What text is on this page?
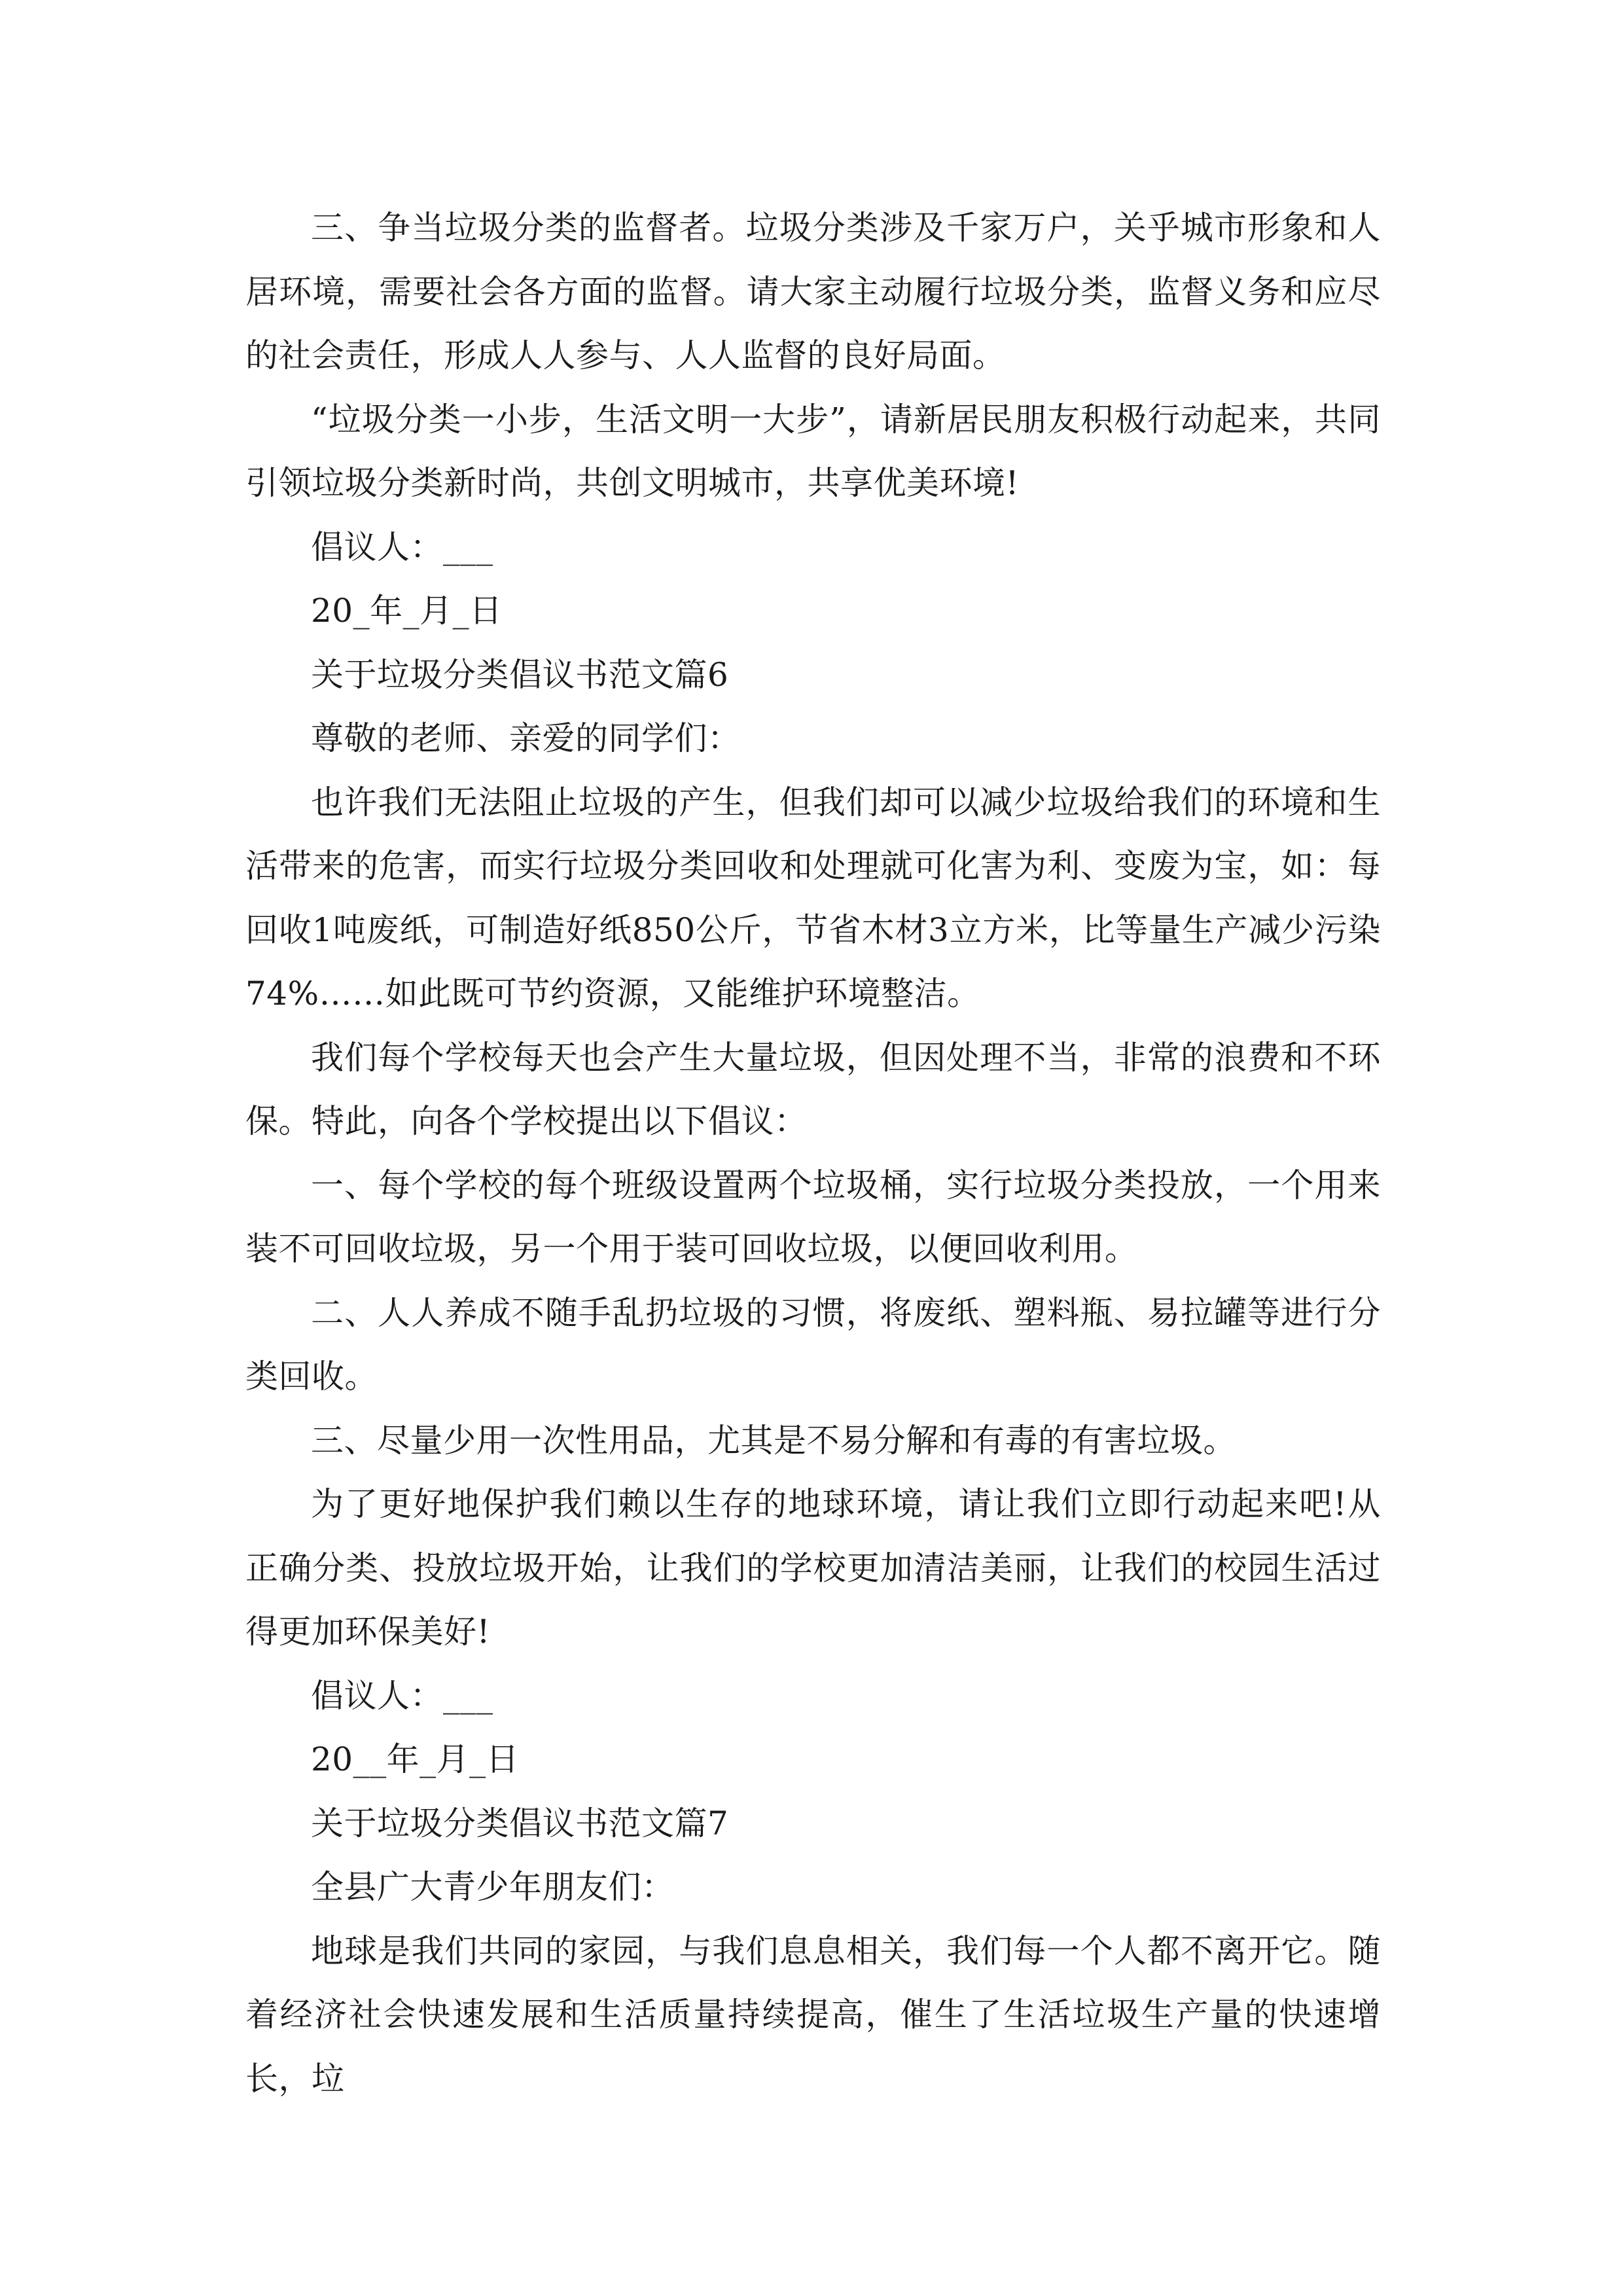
三、争当垃圾分类的监督者。垃圾分类涉及千家万户，关乎城市形象和人居环境，需要社会各方面的监督。请大家主动履行垃圾分类，监督义务和应尽的社会责任，形成人人参与、人人监督的良好局面。

“垃圾分类一小步，生活文明一大步”，请新居民朋友积极行动起来，共同引领垃圾分类新时尚，共创文明城市，共享优美环境!

倡议人：___

20_年_月_日

关于垃圾分类倡议书范文篇6

尊敬的老师、亲爱的同学们：

也许我们无法阻止垃圾的产生，但我们却可以减少垃圾给我们的环境和生活带来的危害，而实行垃圾分类回收和处理就可化害为利、变废为宝，如：每回收1吨废纸，可制造好纸850公斤，节省木材3立方米，比等量生产减少污染74%……如此既可节约资源，又能维护环境整洁。

我们每个学校每天也会产生大量垃圾，但因处理不当，非常的浪费和不环保。特此，向各个学校提出以下倡议：

一、每个学校的每个班级设置两个垃圾桶，实行垃圾分类投放，一个用来装不可回收垃圾，另一个用于装可回收垃圾，以便回收利用。

二、人人养成不随手乱扔垃圾的习惯，将废纸、塑料瓶、易拉罐等进行分类回收。

三、尽量少用一次性用品，尤其是不易分解和有毒的有害垃圾。

为了更好地保护我们赖以生存的地球环境，请让我们立即行动起来吧!从正确分类、投放垃圾开始，让我们的学校更加清洁美丽，让我们的校园生活过得更加环保美好!

倡议人：___

20__年_月_日

关于垃圾分类倡议书范文篇7

全县广大青少年朋友们：

地球是我们共同的家园，与我们息息相关，我们每一个人都不离开它。随着经济社会快速发展和生活质量持续提高，催生了生活垃圾生产量的快速增长，垃
